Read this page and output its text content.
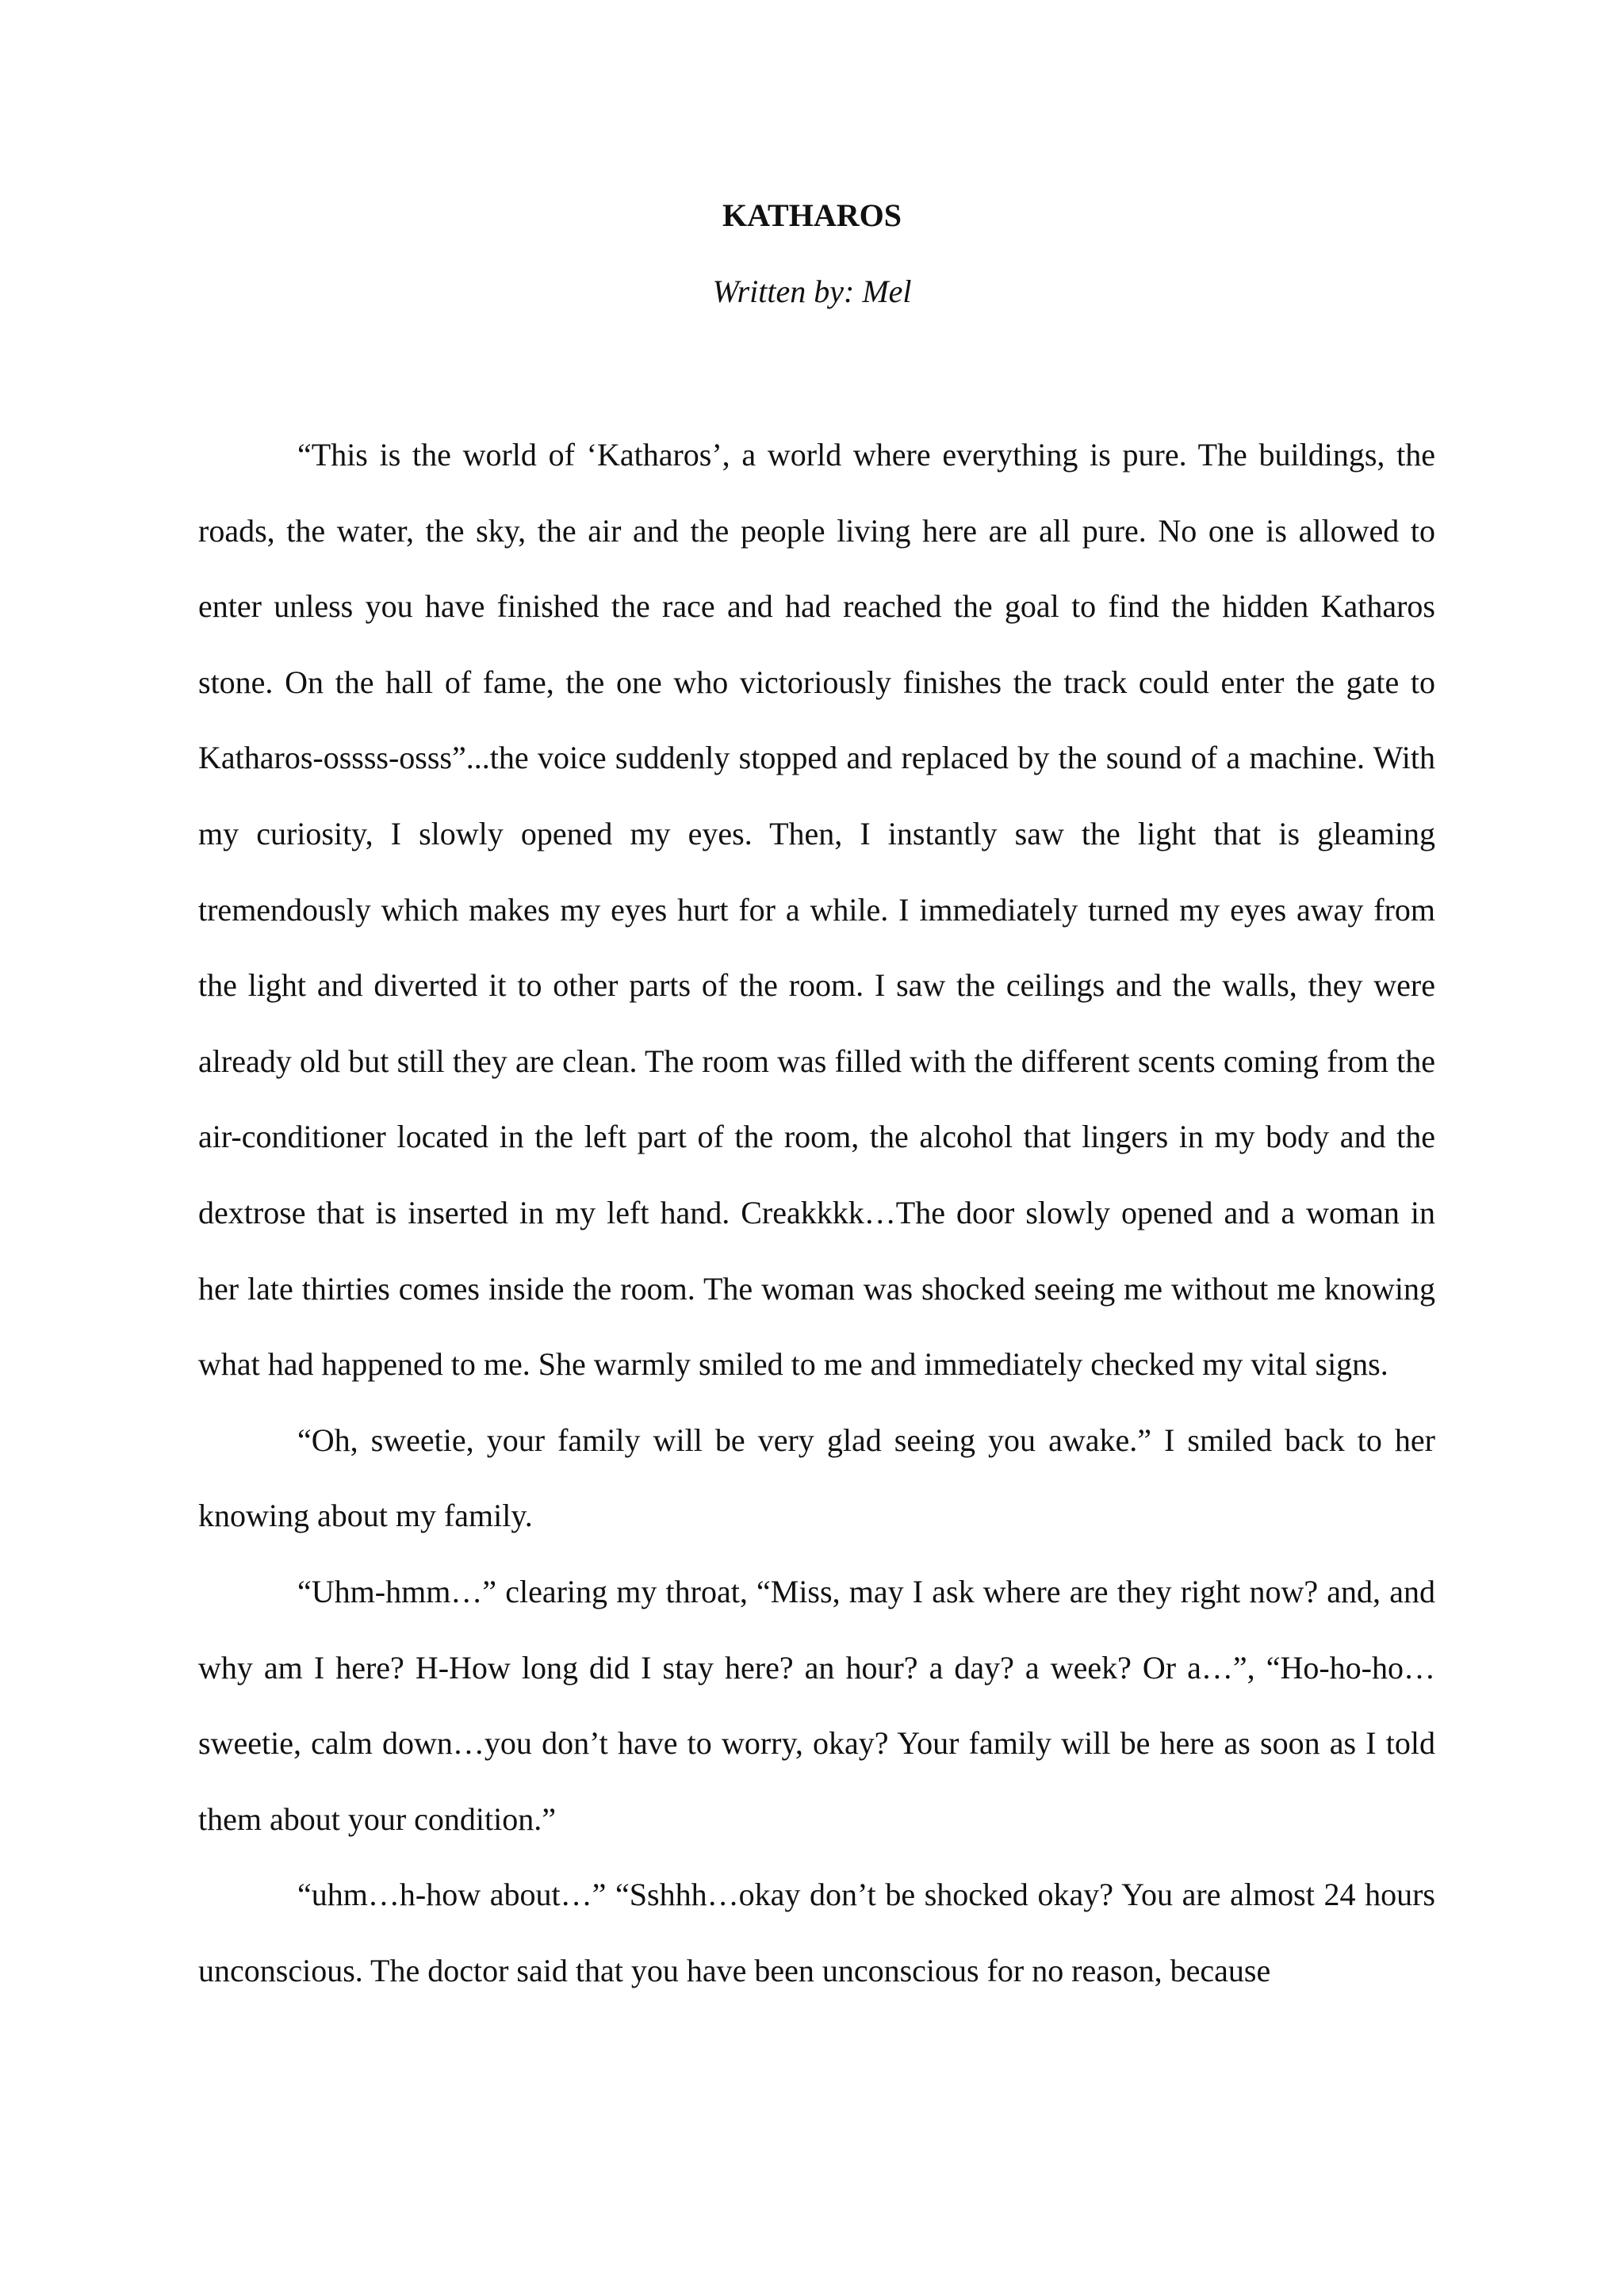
KATHAROS

Written by: Mel

“This is the world of ‘Katharos’, a world where everything is pure. The buildings, the roads, the water, the sky, the air and the people living here are all pure. No one is allowed to enter unless you have finished the race and had reached the goal to find the hidden Katharos stone. On the hall of fame, the one who victoriously finishes the track could enter the gate to Katharos-ossss-osss”...the voice suddenly stopped and replaced by the sound of a machine. With my curiosity, I slowly opened my eyes. Then, I instantly saw the light that is gleaming tremendously which makes my eyes hurt for a while. I immediately turned my eyes away from the light and diverted it to other parts of the room. I saw the ceilings and the walls, they were already old but still they are clean. The room was filled with the different scents coming from the air-conditioner located in the left part of the room, the alcohol that lingers in my body and the dextrose that is inserted in my left hand. Creakkkk…The door slowly opened and a woman in her late thirties comes inside the room. The woman was shocked seeing me without me knowing what had happened to me. She warmly smiled to me and immediately checked my vital signs.

“Oh, sweetie, your family will be very glad seeing you awake.” I smiled back to her knowing about my family.

“Uhm-hmm…” clearing my throat, “Miss, may I ask where are they right now? and, and why am I here? H-How long did I stay here? an hour? a day? a week? Or a…”, “Ho-ho-ho…sweetie, calm down…you don’t have to worry, okay? Your family will be here as soon as I told them about your condition.”

“uhm…h-how about…” “Sshhh…okay don’t be shocked okay? You are almost 24 hours unconscious. The doctor said that you have been unconscious for no reason, because
